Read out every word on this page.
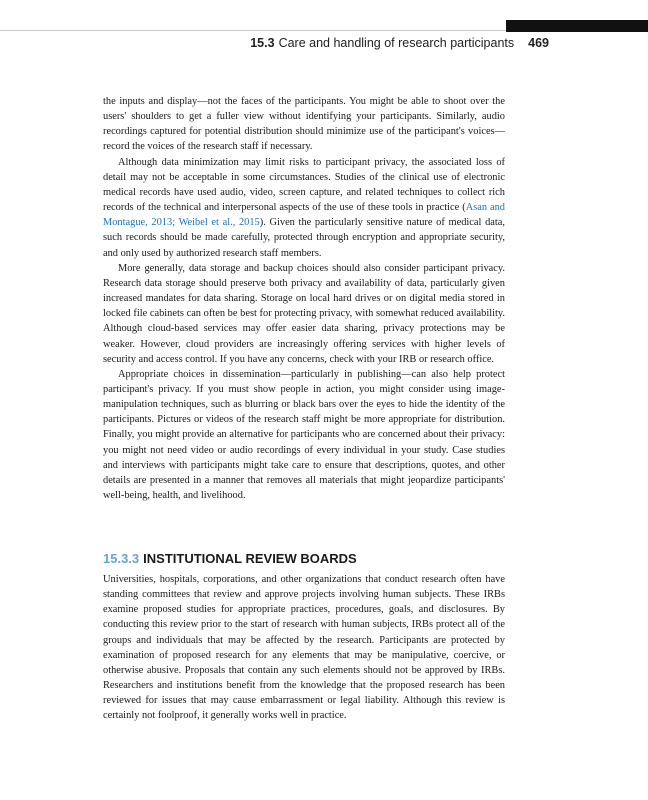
15.3 Care and handling of research participants 469

the inputs and display—not the faces of the participants. You might be able to shoot over the users' shoulders to get a fuller view without identifying your participants. Similarly, audio recordings captured for potential distribution should minimize use of the participant's voices—record the voices of the research staff if necessary.

Although data minimization may limit risks to participant privacy, the associated loss of detail may not be acceptable in some circumstances. Studies of the clinical use of electronic medical records have used audio, video, screen capture, and related techniques to collect rich records of the technical and interpersonal aspects of the use of these tools in practice (Asan and Montague, 2013; Weibel et al., 2015). Given the particularly sensitive nature of medical data, such records should be made carefully, protected through encryption and appropriate security, and only used by authorized research staff members.

More generally, data storage and backup choices should also consider participant privacy. Research data storage should preserve both privacy and availability of data, particularly given increased mandates for data sharing. Storage on local hard drives or on digital media stored in locked file cabinets can often be best for protecting privacy, with somewhat reduced availability. Although cloud-based services may offer easier data sharing, privacy protections may be weaker. However, cloud providers are increasingly offering services with higher levels of security and access control. If you have any concerns, check with your IRB or research office.

Appropriate choices in dissemination—particularly in publishing—can also help protect participant's privacy. If you must show people in action, you might consider using image-manipulation techniques, such as blurring or black bars over the eyes to hide the identity of the participants. Pictures or videos of the research staff might be more appropriate for distribution. Finally, you might provide an alternative for participants who are concerned about their privacy: you might not need video or audio recordings of every individual in your study. Case studies and interviews with participants might take care to ensure that descriptions, quotes, and other details are presented in a manner that removes all materials that might jeopardize participants' well-being, health, and livelihood.

15.3.3 INSTITUTIONAL REVIEW BOARDS

Universities, hospitals, corporations, and other organizations that conduct research often have standing committees that review and approve projects involving human subjects. These IRBs examine proposed studies for appropriate practices, procedures, goals, and disclosures. By conducting this review prior to the start of research with human subjects, IRBs protect all of the groups and individuals that may be affected by the research. Participants are protected by examination of proposed research for any elements that may be manipulative, coercive, or otherwise abusive. Proposals that contain any such elements should not be approved by IRBs. Researchers and institutions benefit from the knowledge that the proposed research has been reviewed for issues that may cause embarrassment or legal liability. Although this review is certainly not foolproof, it generally works well in practice.
